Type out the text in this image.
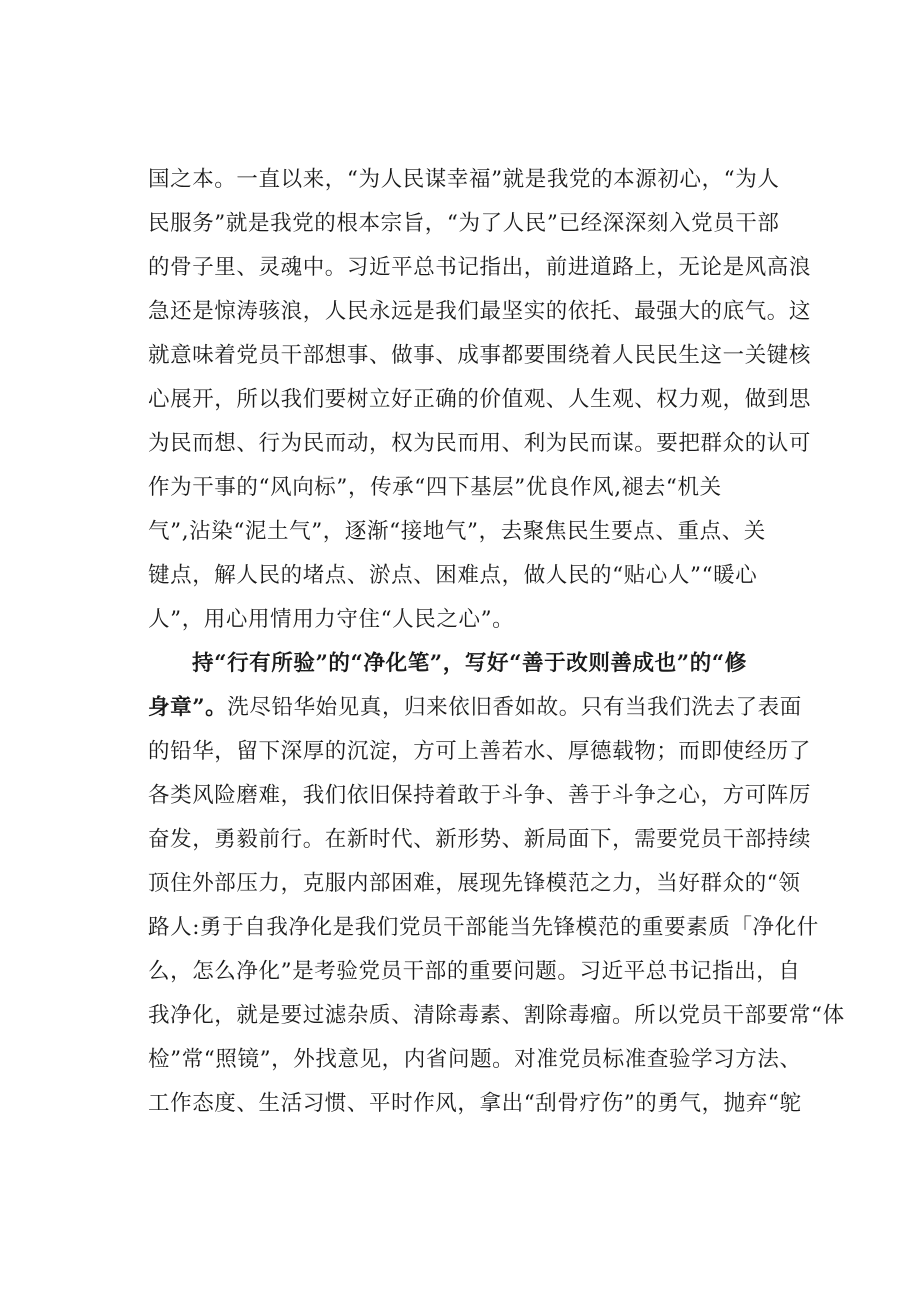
国之本。一直以来，“为人民谋幸福”就是我党的本源初心，“为人
民服务”就是我党的根本宗旨，“为了人民”已经深深刻入党员干部
的骨子里、灵魂中。习近平总书记指出，前进道路上，无论是风高浪
急还是惊涛骇浪，人民永远是我们最坚实的依托、最强大的底气。这
就意味着党员干部想事、做事、成事都要围绕着人民民生这一关键核
心展开，所以我们要树立好正确的价值观、人生观、权力观，做到思
为民而想、行为民而动，权为民而用、利为民而谋。要把群众的认可
作为干事的“风向标”，传承“四下基层”优良作风,褪去“机关
气”,沾染“泥土气”，逐渐“接地气”，去聚焦民生要点、重点、关
键点，解人民的堵点、淤点、困难点，做人民的“贴心人”“暖心
人”，用心用情用力守住“人民之心”。
持“行有所验”的“净化笔”，写好“善于改则善成也”的“修
身章”。洗尽铅华始见真，归来依旧香如故。只有当我们洗去了表面
的铅华，留下深厚的沉淀，方可上善若水、厚德载物；而即使经历了
各类风险磨难，我们依旧保持着敢于斗争、善于斗争之心，方可阵厉
奋发，勇毅前行。在新时代、新形势、新局面下，需要党员干部持续
顶住外部压力，克服内部困难，展现先锋模范之力，当好群众的“领
路人:勇于自我净化是我们党员干部能当先锋模范的重要素质「净化什
么，怎么净化”是考验党员干部的重要问题。习近平总书记指出，自
我净化，就是要过滤杂质、清除毒素、割除毒瘤。所以党员干部要常“体
检”常“照镜”，外找意见，内省问题。对准党员标准查验学习方法、
工作态度、生活习惯、平时作风，拿出“刮骨疗伤”的勇气，抛弃“鸵
